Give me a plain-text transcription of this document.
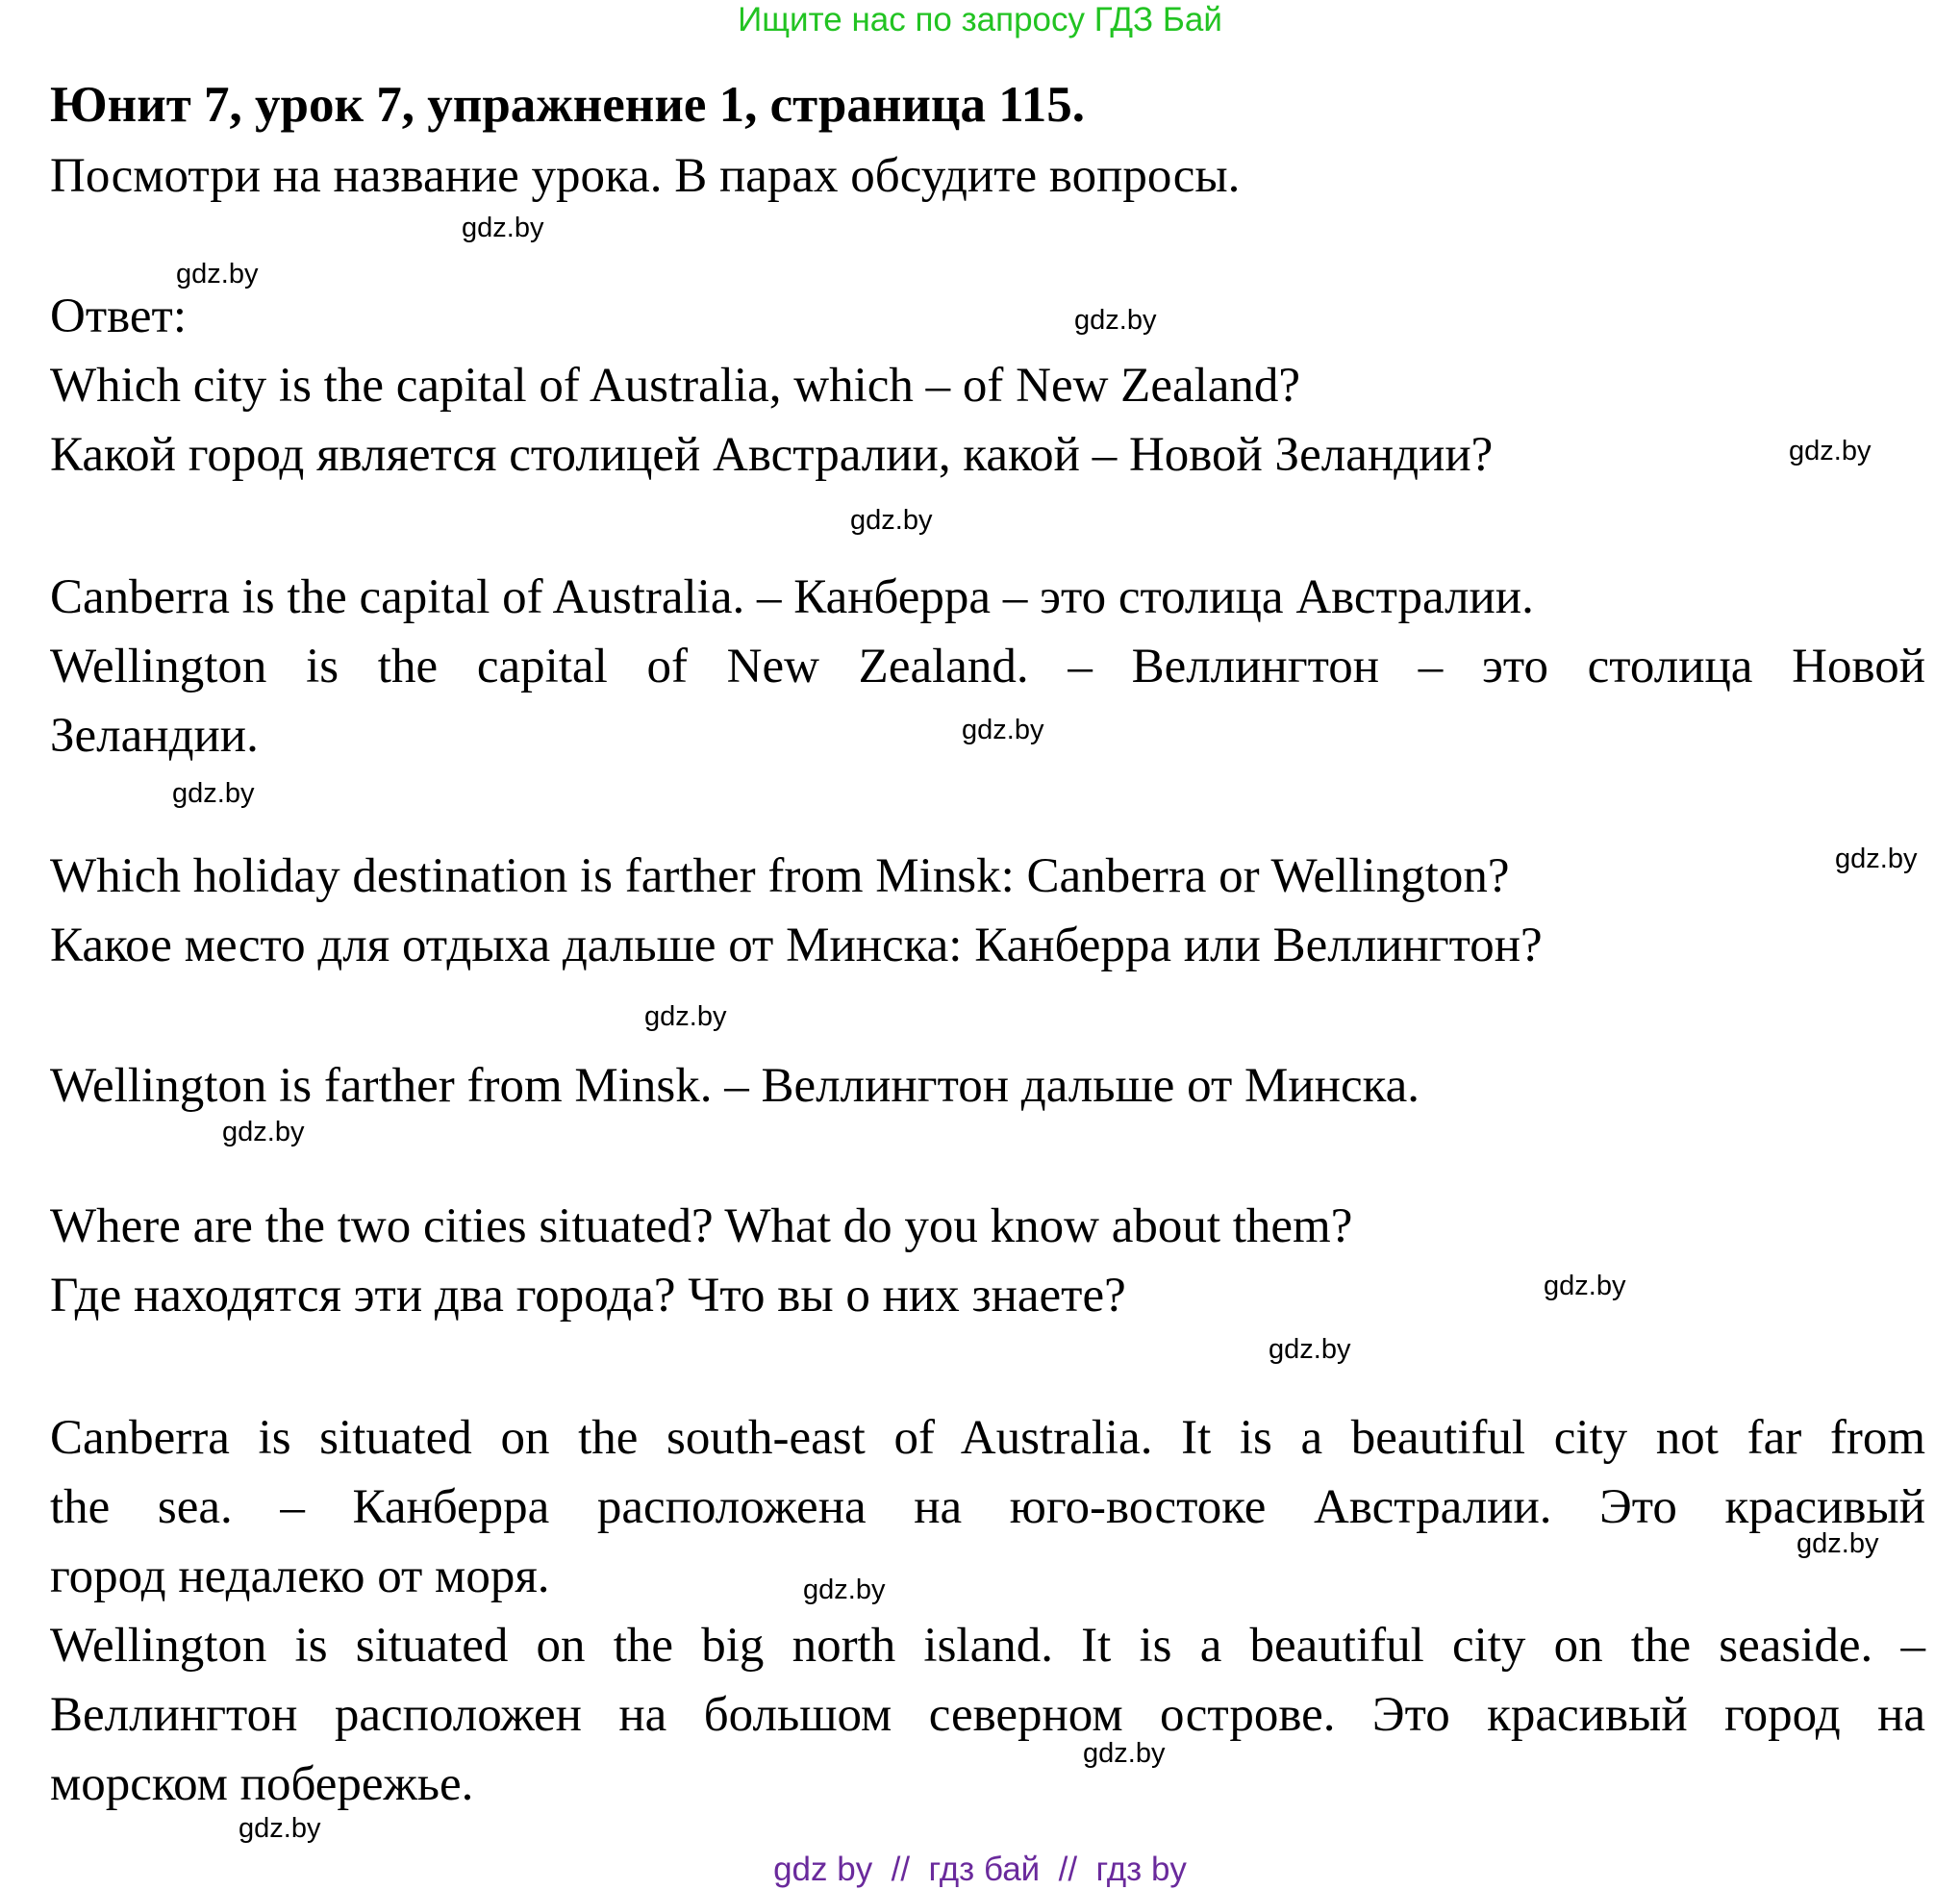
Ищите нас по запросу ГДЗ Бай
Юнит 7, урок 7, упражнение 1, страница 115.
Посмотри на название урока. В парах обсудите вопросы.
Ответ:
Which city is the capital of Australia, which – of New Zealand?
Какой город является столицей Австралии, какой – Новой Зеландии?
Canberra is the capital of Australia. – Канберра – это столица Австралии.
Wellington is the capital of New Zealand. – Веллингтон – это столица Новой
Зеландии.
Which holiday destination is farther from Minsk: Canberra or Wellington?
Какое место для отдыха дальше от Минска: Канберра или Веллингтон?
Wellington is farther from Minsk. – Веллингтон дальше от Минска.
Where are the two cities situated? What do you know about them?
Где находятся эти два города? Что вы о них знаете?
Canberra is situated on the south-east of Australia. It is a beautiful city not far from
the sea. – Канберра расположена на юго-востоке Австралии. Это красивый
город недалеко от моря.
Wellington is situated on the big north island. It is a beautiful city on the seaside. –
Веллингтон расположен на большом северном острове. Это красивый город на
морском побережье.
gdz.by
gdz.by
gdz.by
gdz.by
gdz.by
gdz.by
gdz.by
gdz.by
gdz.by
gdz.by
gdz.by
gdz.by
gdz.by
gdz.by
gdz.by
gdz.by
gdz by  //  гдз бай  //  гдз by
